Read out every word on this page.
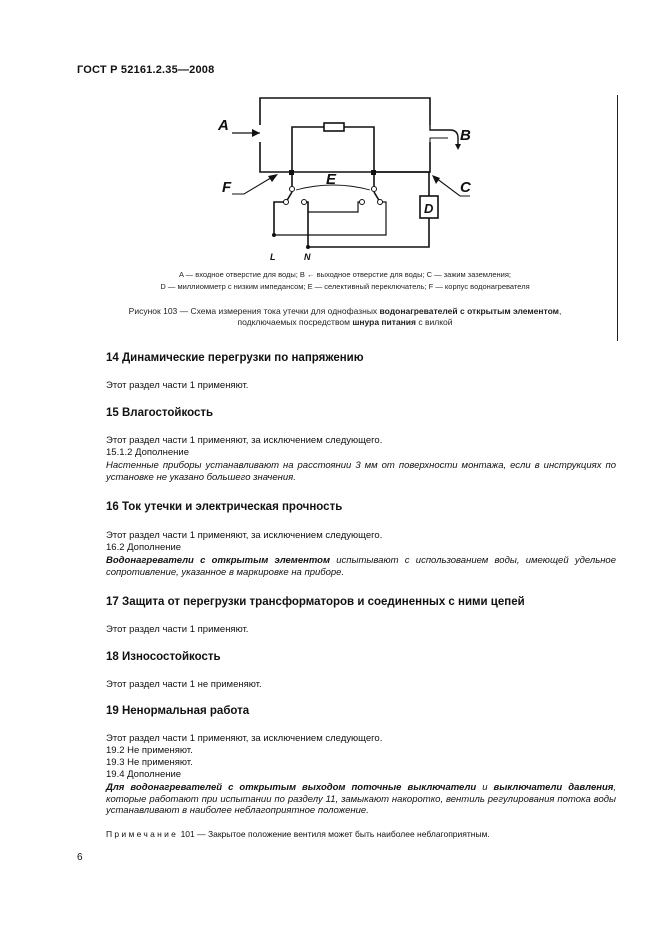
ГОСТ Р 52161.2.35—2008
A
B
C
D
E
F
L	N
A — входное отверстие для воды; B ← выходное отверстие для воды; C — зажим заземления;
D — миллиомметр с низким импедансом; E — селективный переключатель; F — корпус водонагревателя
Рисунок 103 — Схема измерения тока утечки для однофазных водонагревателей с открытым элементом,
подключаемых посредством шнура питания с вилкой
14 Динамические перегрузки по напряжению
Этот раздел части 1 применяют.
15 Влагостойкость
Этот раздел части 1 применяют, за исключением следующего.
15.1.2 Дополнение
Настенные приборы устанавливают на расстоянии 3 мм от поверхности монтажа, если в инструкциях по установке не указано большего значения.
16 Ток утечки и электрическая прочность
Этот раздел части 1 применяют, за исключением следующего.
16.2 Дополнение
Водонагреватели с открытым элементом испытывают с использованием воды, имеющей удельное сопротивление, указанное в маркировке на приборе.
17 Защита от перегрузки трансформаторов и соединенных с ними цепей
Этот раздел части 1 применяют.
18 Износостойкость
Этот раздел части 1 не применяют.
19 Ненормальная работа
Этот раздел части 1 применяют, за исключением следующего.
19.2 Не применяют.
19.3 Не применяют.
19.4 Дополнение
Для водонагревателей с открытым выходом поточные выключатели и выключатели давления, которые работают при испытании по разделу 11, замыкают накоротко, вентиль регулирования потока воды устанавливают в наиболее неблагоприятное положение.
Примечание 101 — Закрытое положение вентиля может быть наиболее неблагоприятным.
6
